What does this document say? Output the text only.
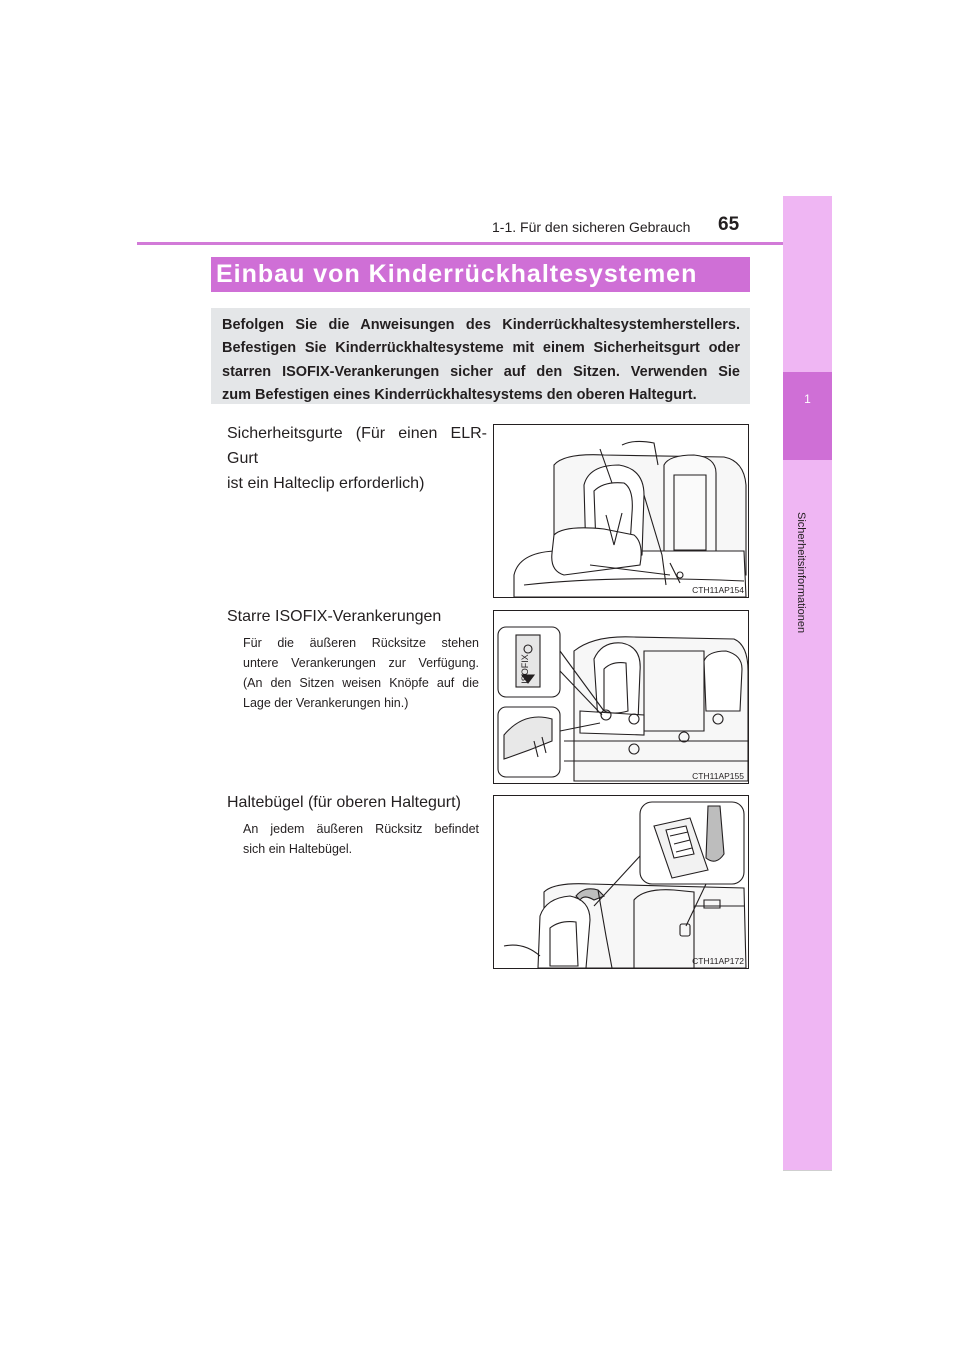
1-1. Für den sicheren Gebrauch 65
1
Sicherheitsinformationen
Einbau von Kinderrückhaltesystemen
Befolgen Sie die Anweisungen des Kinderrückhaltesystemherstellers.
Befestigen Sie Kinderrückhaltesysteme mit einem Sicherheitsgurt oder
starren ISOFIX-Verankerungen sicher auf den Sitzen. Verwenden Sie
zum Befestigen eines Kinderrückhaltesystems den oberen Haltegurt.
Sicherheitsgurte (Für einen ELR-Gurt
ist ein Halteclip erforderlich)
CTH11AP154
Starre ISOFIX-Verankerungen
Für die äußeren Rücksitze stehen
untere Verankerungen zur Verfügung.
(An den Sitzen weisen Knöpfe auf die
Lage der Verankerungen hin.)
ISOFIX
CTH11AP155
Haltebügel (für oberen Haltegurt)
An jedem äußeren Rücksitz befindet
sich ein Haltebügel.
CTH11AP172
